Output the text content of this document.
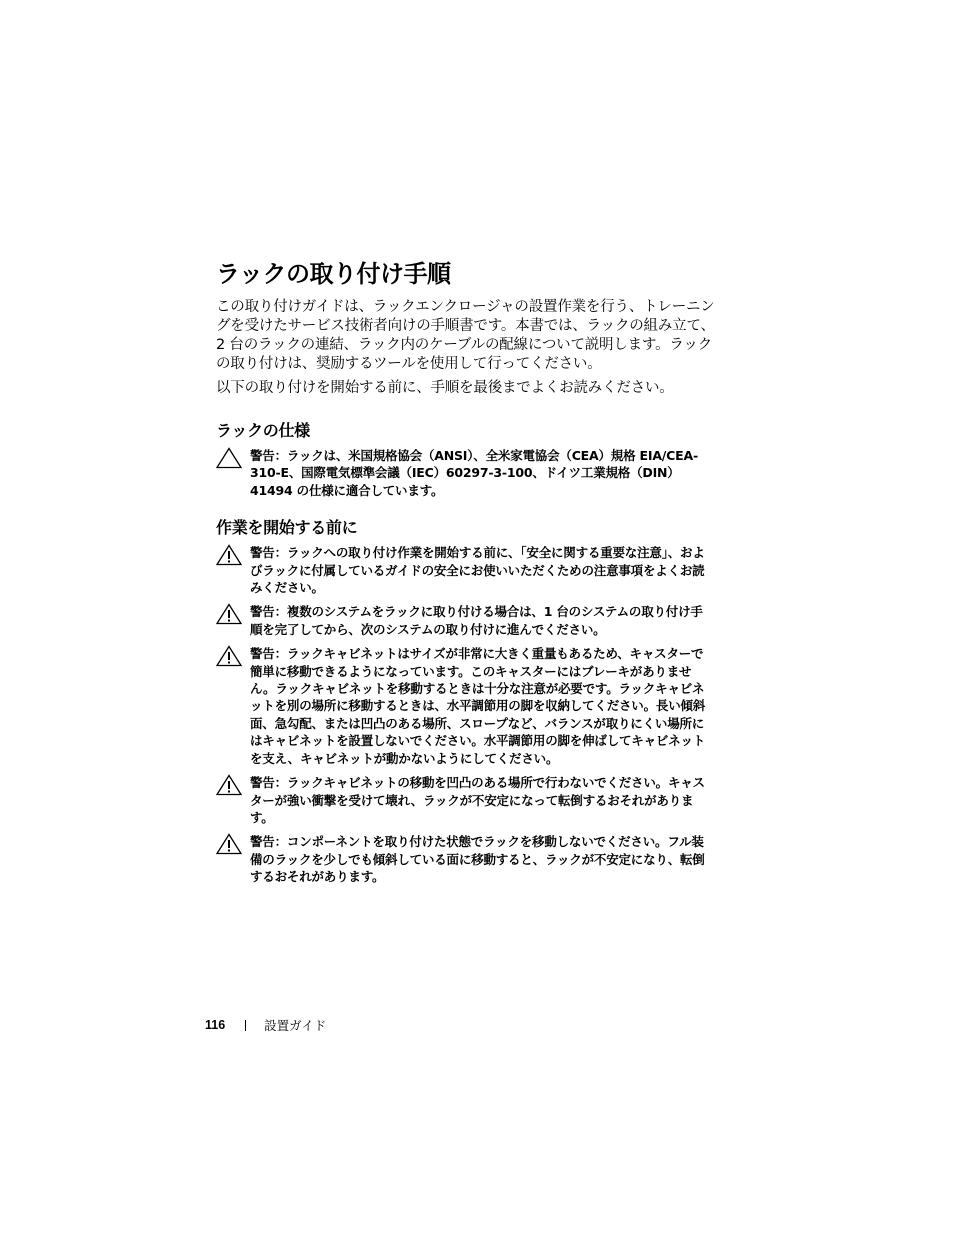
ラックの取り付け手順

この取り付けガイドは、ラックエンクロージャの設置作業を行う、トレーニングを受けたサービス技術者向けの手順書です。本書では、ラックの組み立て、2 台のラックの連結、ラック内のケーブルの配線について説明します。ラックの取り付けは、奨励するツールを使用して行ってください。

以下の取り付けを開始する前に、手順を最後までよくお読みください。

ラックの仕様
警告：ラックは、米国規格協会（ANSI）、全米家電協会（CEA）規格 EIA/CEA-310-E、国際電気標準会議（IEC）60297-3-100、ドイツ工業規格（DIN）41494 の仕様に適合しています。
作業を開始する前に
警告：ラックへの取り付け作業を開始する前に、「安全に関する重要な注意」、およびラックに付属しているガイドの安全にお使いいただくための注意事項をよくお読みください。
警告：複数のシステムをラックに取り付ける場合は、1 台のシステムの取り付け手順を完了してから、次のシステムの取り付けに進んでください。
警告：ラックキャビネットはサイズが非常に大きく重量もあるため、キャスターで簡単に移動できるようになっています。このキャスターにはブレーキがありません。ラックキャビネットを移動するときは十分な注意が必要です。ラックキャビネットを別の場所に移動するときは、水平調節用の脚を収納してください。長い傾斜面、急勾配、または凹凸のある場所、スロープなど、バランスが取りにくい場所にはキャビネットを設置しないでください。水平調節用の脚を伸ばしてキャビネットを支え、キャビネットが動かないようにしてください。
警告：ラックキャビネットの移動を凹凸のある場所で行わないでください。キャスターが強い衝撃を受けて壊れ、ラックが不安定になって転倒するおそれがあります。
警告：コンポーネントを取り付けた状態でラックを移動しないでください。フル装備のラックを少しでも傾斜している面に移動すると、ラックが不安定になり、転倒するおそれがあります。
116	設置ガイド
